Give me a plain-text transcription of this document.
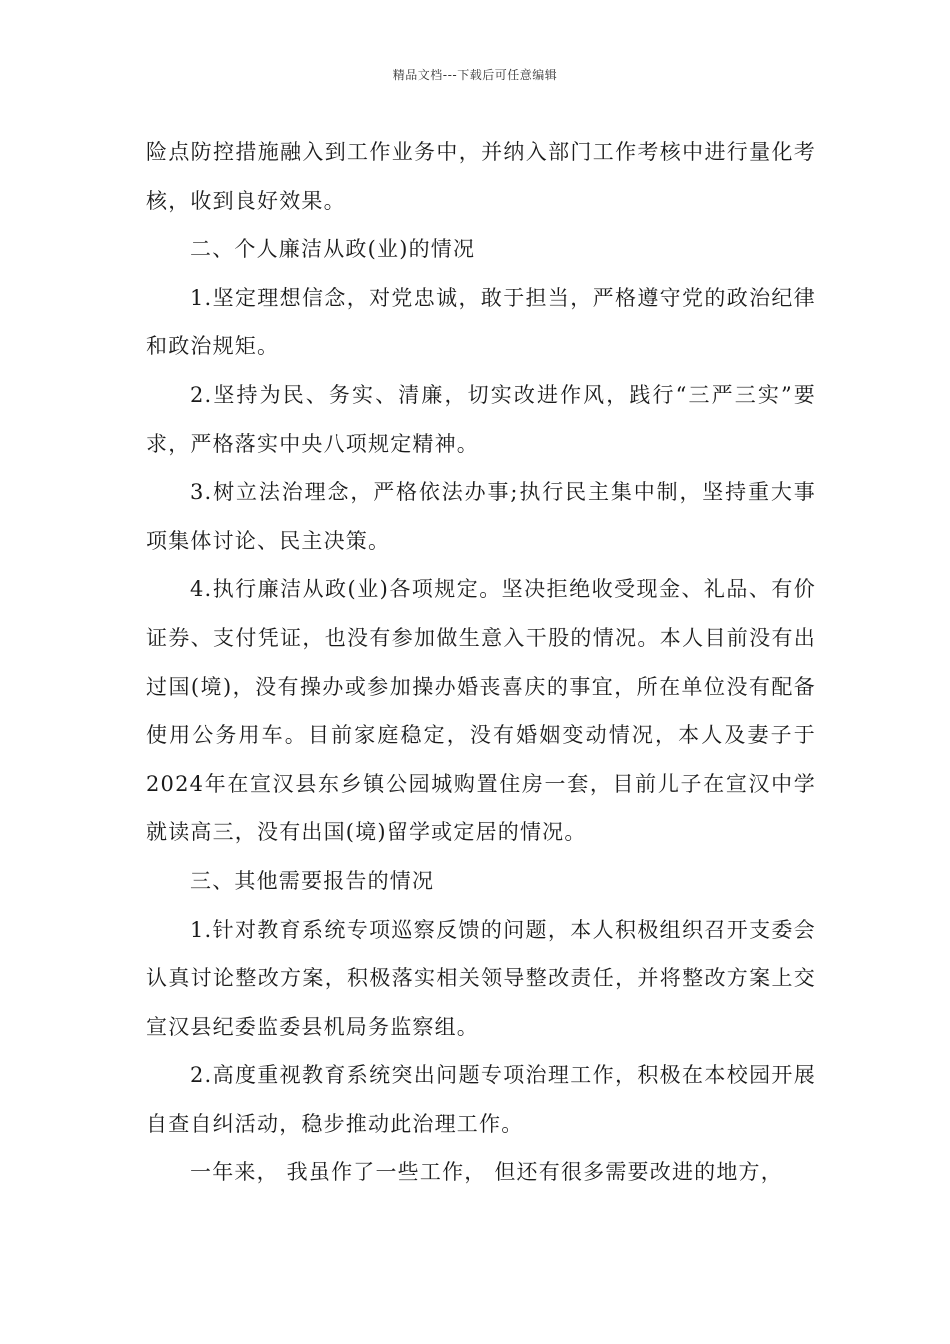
精品文档---下载后可任意编辑

险点防控措施融入到工作业务中，并纳入部门工作考核中进行量化考核，收到良好效果。

二、个人廉洁从政(业)的情况

1.坚定理想信念，对党忠诚，敢于担当，严格遵守党的政治纪律和政治规矩。

2.坚持为民、务实、清廉，切实改进作风，践行“三严三实”要求，严格落实中央八项规定精神。

3.树立法治理念，严格依法办事;执行民主集中制，坚持重大事项集体讨论、民主决策。

4.执行廉洁从政(业)各项规定。坚决拒绝收受现金、礼品、有价证券、支付凭证，也没有参加做生意入干股的情况。本人目前没有出过国(境)，没有操办或参加操办婚丧喜庆的事宜，所在单位没有配备使用公务用车。目前家庭稳定，没有婚姻变动情况，本人及妻子于2024年在宣汉县东乡镇公园城购置住房一套，目前儿子在宣汉中学就读高三，没有出国(境)留学或定居的情况。

三、其他需要报告的情况

1.针对教育系统专项巡察反馈的问题，本人积极组织召开支委会认真讨论整改方案，积极落实相关领导整改责任，并将整改方案上交宣汉县纪委监委县机局务监察组。

2.高度重视教育系统突出问题专项治理工作，积极在本校园开展自查自纠活动，稳步推动此治理工作。

一年来， 我虽作了一些工作， 但还有很多需要改进的地方，
